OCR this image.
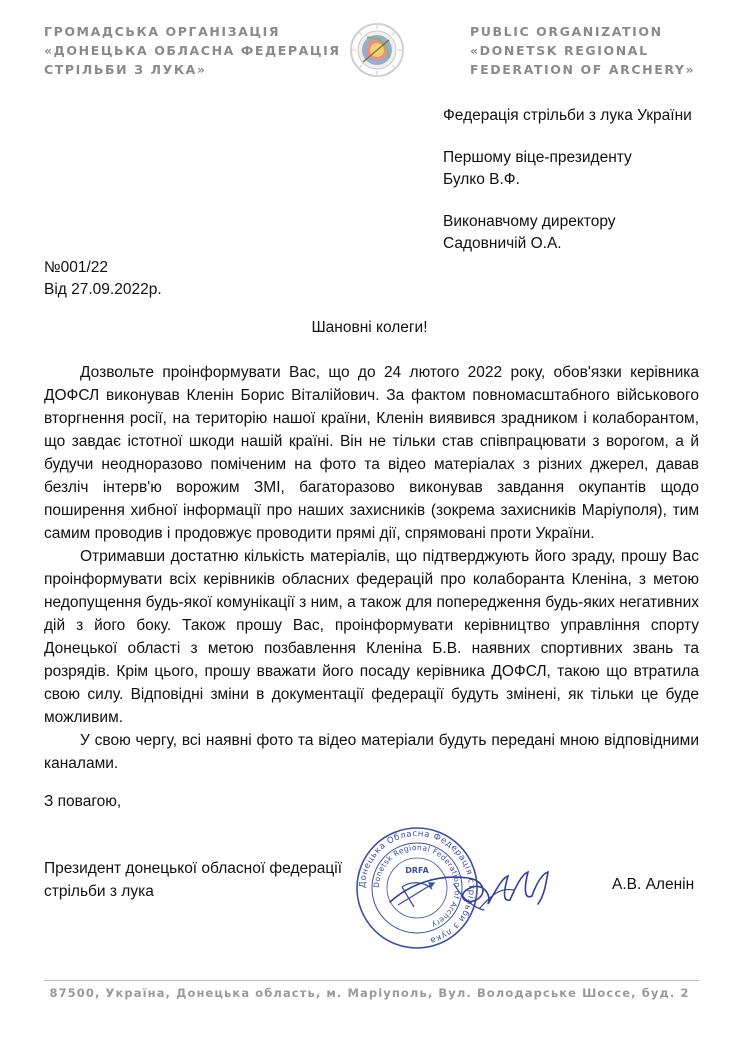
ГРОМАДСЬКА ОРГАНІЗАЦІЯ
«ДОНЕЦЬКА ОБЛАСНА ФЕДЕРАЦІЯ
СТРІЛЬБИ З ЛУКА»
PUBLIC ORGANIZATION
«DONETSK REGIONAL
FEDERATION OF ARCHERY»
Федерація стрільби з лука України
Першому віце-президенту
Булко В.Ф.
Виконавчому директору
Садовничій О.А.
№001/22
Від 27.09.2022р.
Шановні колеги!

Дозвольте проінформувати Вас, що до 24 лютого 2022 року, обов'язки керівника ДОФСЛ виконував Кленін Борис Віталійович. За фактом повномасштабного військового вторгнення росії, на територію нашої країни, Кленін виявився зрадником і колаборантом, що завдає істотної шкоди нашій країні. Він не тільки став співпрацювати з ворогом, а й будучи неодноразово поміченим на фото та відео матеріалах з різних джерел, давав безліч інтерв'ю ворожим ЗМІ, багаторазово виконував завдання окупантів щодо поширення хибної інформації про наших захисників (зокрема захисників Маріуполя), тим самим проводив і продовжує проводити прямі дії, спрямовані проти України.

Отримавши достатню кількість матеріалів, що підтверджують його зраду, прошу Вас проінформувати всіх керівників обласних федерацій про колаборанта Кленіна, з метою недопущення будь-якої комунікації з ним, а також для попередження будь-яких негативних дій з його боку. Також прошу Вас, проінформувати керівництво управління спорту Донецької області з метою позбавлення Кленіна Б.В. наявних спортивних звань та розрядів. Крім цього, прошу вважати його посаду керівника ДОФСЛ, такою що втратила свою силу. Відповідні зміни в документації федерації будуть змінені, як тільки це буде можливим.

У свою чергу, всі наявні фото та відео матеріали будуть передані мною відповідними каналами.

З повагою,
Президент донецької обласної федерації
стрільби з лука	Донецька Обласна Федерація стрільби з лука
Donetsk Regional Federation of Archery
DRFA
А.В. Аленін
87500, Україна, Донецька область, м. Маріуполь, Вул. Володарське Шоссе, буд. 2
